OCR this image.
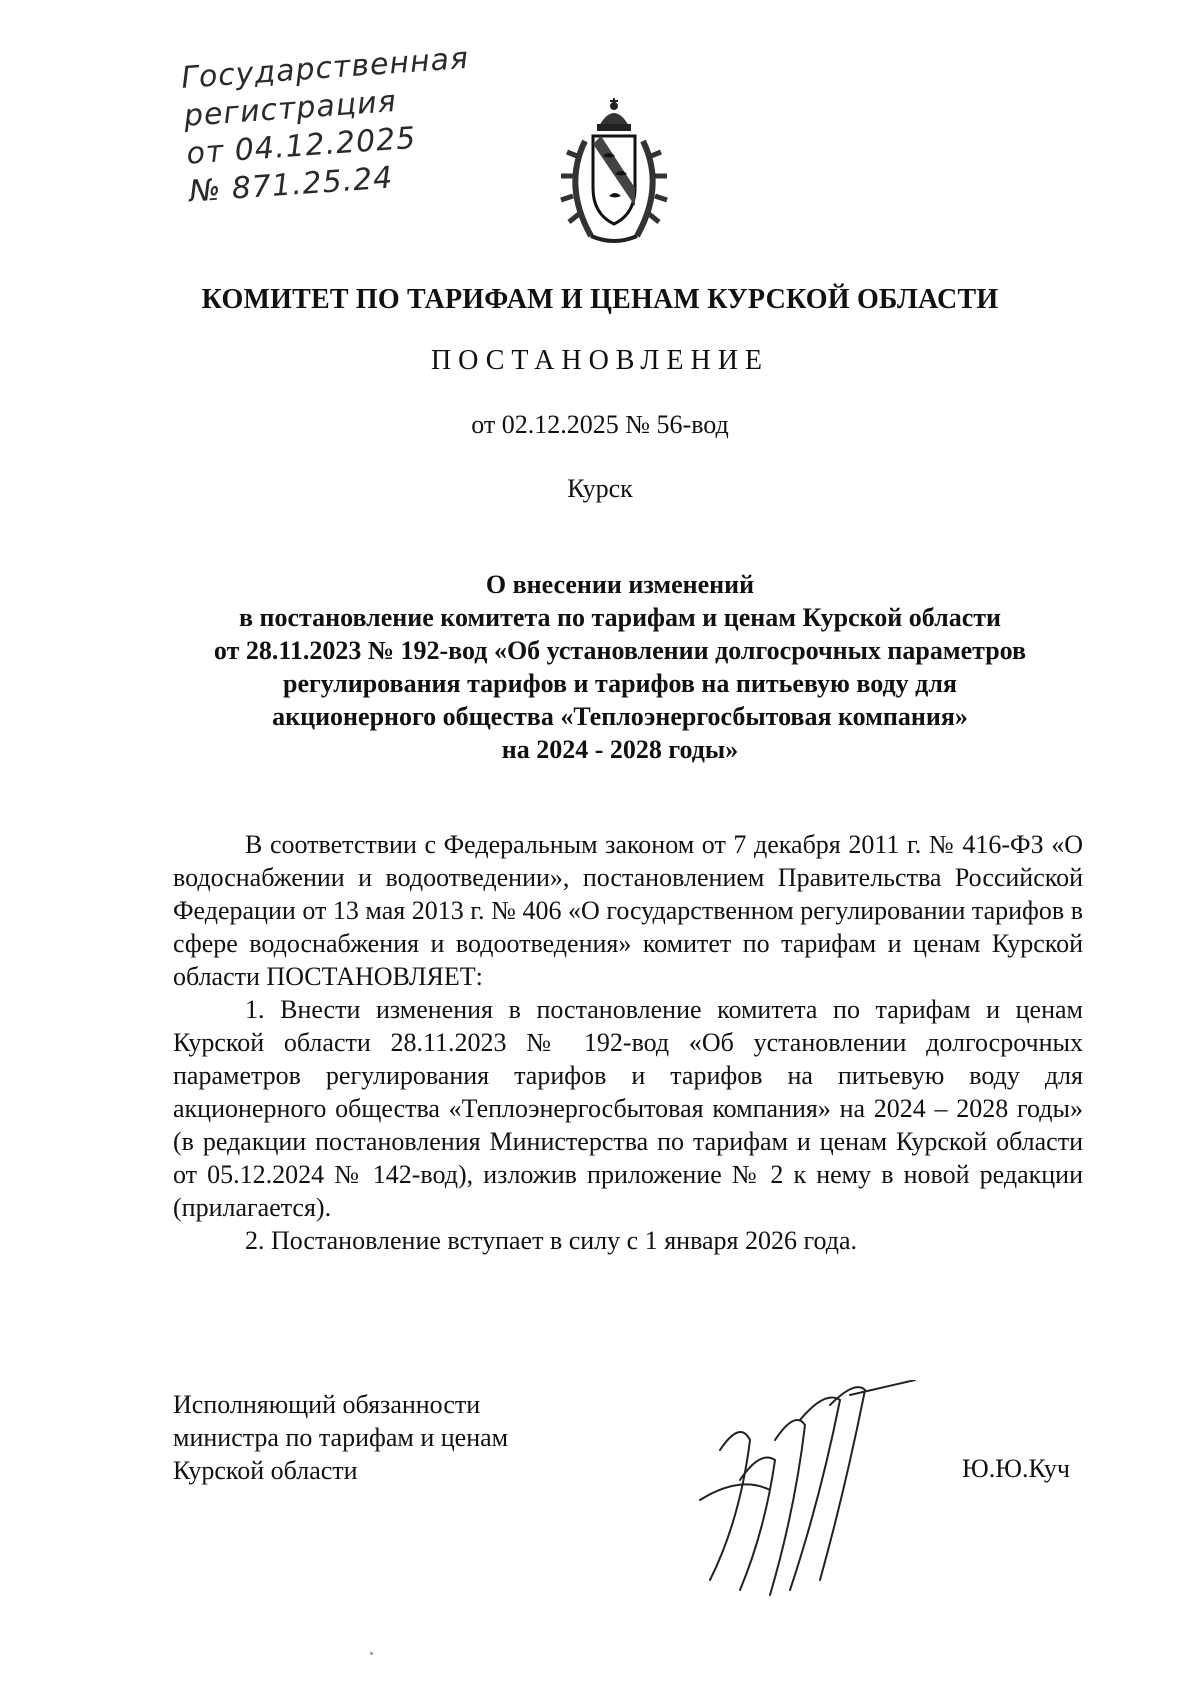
Государственная
регистрация
от 04.12.2025
№ 871.25.24
КОМИТЕТ ПО ТАРИФАМ И ЦЕНАМ КУРСКОЙ ОБЛАСТИ
ПОСТАНОВЛЕНИЕ
от 02.12.2025 № 56-вод
Курск
О внесении изменений
в постановление комитета по тарифам и ценам Курской области
от 28.11.2023 № 192-вод «Об установлении долгосрочных параметров
регулирования тарифов и тарифов на питьевую воду для
акционерного общества «Теплоэнергосбытовая компания»
на 2024 - 2028 годы»

В соответствии с Федеральным законом от 7 декабря 2011 г. № 416-ФЗ «О водоснабжении и водоотведении», постановлением Правительства Российской Федерации от 13 мая 2013 г. № 406 «О государственном регулировании тарифов в сфере водоснабжения и водоотведения» комитет по тарифам и ценам Курской области ПОСТАНОВЛЯЕТ:

1. Внести изменения в постановление комитета по тарифам и ценам Курской области 28.11.2023 № 192-вод «Об установлении долгосрочных параметров регулирования тарифов и тарифов на питьевую воду для акционерного общества «Теплоэнергосбытовая компания» на 2024 – 2028 годы» (в редакции постановления Министерства по тарифам и ценам Курской области от 05.12.2024 № 142-вод), изложив приложение № 2 к нему в новой редакции (прилагается).

2. Постановление вступает в силу с 1 января 2026 года.

Исполняющий обязанности
министра по тарифам и ценам
Курской области	Ю.Ю.Куч
